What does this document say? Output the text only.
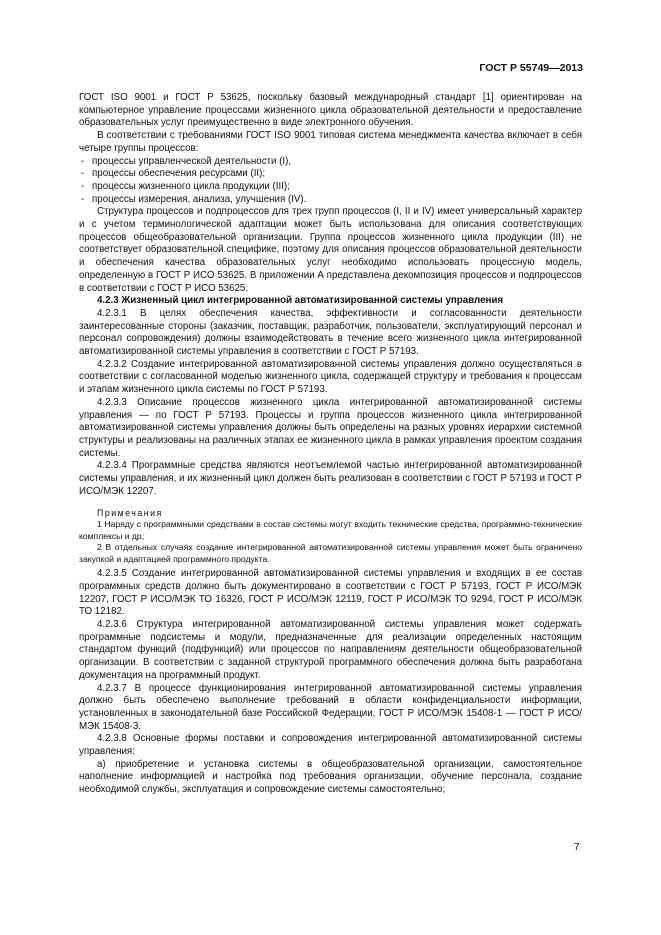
ГОСТ Р 55749—2013

ГОСТ ISO 9001 и ГОСТ Р 53625, поскольку базовый международный стандарт [1] ориентирован на компьютерное управление процессами жизненного цикла образовательной деятельности и предоставление образовательных услуг преимущественно в виде электронного обучения.

В соответствии с требованиями ГОСТ ISO 9001 типовая система менеджмента качества включает в себя четыре группы процессов:

- процессы управленческой деятельности (I),

- процессы обеспечения ресурсами (II);

- процессы жизненного цикла продукции (III);

- процессы измерения, анализа, улучшения (IV).

Структура процессов и подпроцессов для трех групп процессов (I, II и IV) имеет универсальный характер и с учетом терминологической адаптации может быть использована для описания соответствующих процессов общеобразовательной организации. Группа процессов жизненного цикла продукции (III) не соответствует образовательной специфике, поэтому для описания процессов образовательной деятельности и обеспечения качества образовательных услуг необходимо использовать процессную модель, определенную в ГОСТ Р ИСО 53625. В приложении А представлена декомпозиция процессов и подпроцессов в соответствии с ГОСТ Р ИСО 53625.

4.2.3 Жизненный цикл интегрированной автоматизированной системы управления

4.2.3.1 В целях обеспечения качества, эффективности и согласованности деятельности заинтересованные стороны (заказчик, поставщик, разработчик, пользователи, эксплуатирующий персонал и персонал сопровождения) должны взаимодействовать в течение всего жизненного цикла интегрированной автоматизированной системы управления в соответствии с ГОСТ Р 57193.

4.2.3.2 Создание интегрированной автоматизированной системы управления должно осуществляться в соответствии с согласованной моделью жизненного цикла, содержащей структуру и требования к процессам и этапам жизненного цикла системы по ГОСТ Р 57193.

4.2.3.3 Описание процессов жизненного цикла интегрированной автоматизированной системы управления — по ГОСТ Р 57193. Процессы и группа процессов жизненного цикла интегрированной автоматизированной системы управления должны быть определены на разных уровнях иерархии системной структуры и реализованы на различных этапах ее жизненного цикла в рамках управления проектом создания системы.

4.2.3.4 Программные средства являются неотъемлемой частью интегрированной автоматизированной системы управления, и их жизненный цикл должен быть реализован в соответствии с ГОСТ Р 57193 и ГОСТ Р ИСО/МЭК 12207.

Примечания

1 Наряду с программными средствами в состав системы могут входить технические средства, программно-технические комплексы и др;

2 В отдельных случаях создание интегрированной автоматизированной системы управления может быть ограничено закупкой и адаптацией программного продукта.

4.2.3.5 Создание интегрированной автоматизированной системы управления и входящих в ее состав программных средств должно быть документировано в соответствии с ГОСТ Р 57193, ГОСТ Р ИСО/МЭК 12207, ГОСТ Р ИСО/МЭК ТО 16326, ГОСТ Р ИСО/МЭК 12119, ГОСТ Р ИСО/МЭК ТО 9294, ГОСТ Р ИСО/МЭК ТО 12182.

4.2.3.6 Структура интегрированной автоматизированной системы управления может содержать программные подсистемы и модули, предназначенные для реализации определенных настоящим стандартом функций (подфункций) или процессов по направлениям деятельности общеобразовательной организации. В соответствии с заданной структурой программного обеспечения должна быть разработана документация на программный продукт.

4.2.3.7 В процессе функционирования интегрированной автоматизированной системы управления должно быть обеспечено выполнение требований в области конфиденциальности информации, установленных в законодательной базе Российской Федерации, ГОСТ Р ИСО/МЭК 15408-1 — ГОСТ Р ИСО/МЭК 15408-3.

4.2.3.8 Основные формы поставки и сопровождения интегрированной автоматизированной системы управления:

а) приобретение и установка системы в общеобразовательной организации, самостоятельное наполнение информацией и настройка под требования организации, обучение персонала, создание необходимой службы, эксплуатация и сопровождение системы самостоятельно;

7
